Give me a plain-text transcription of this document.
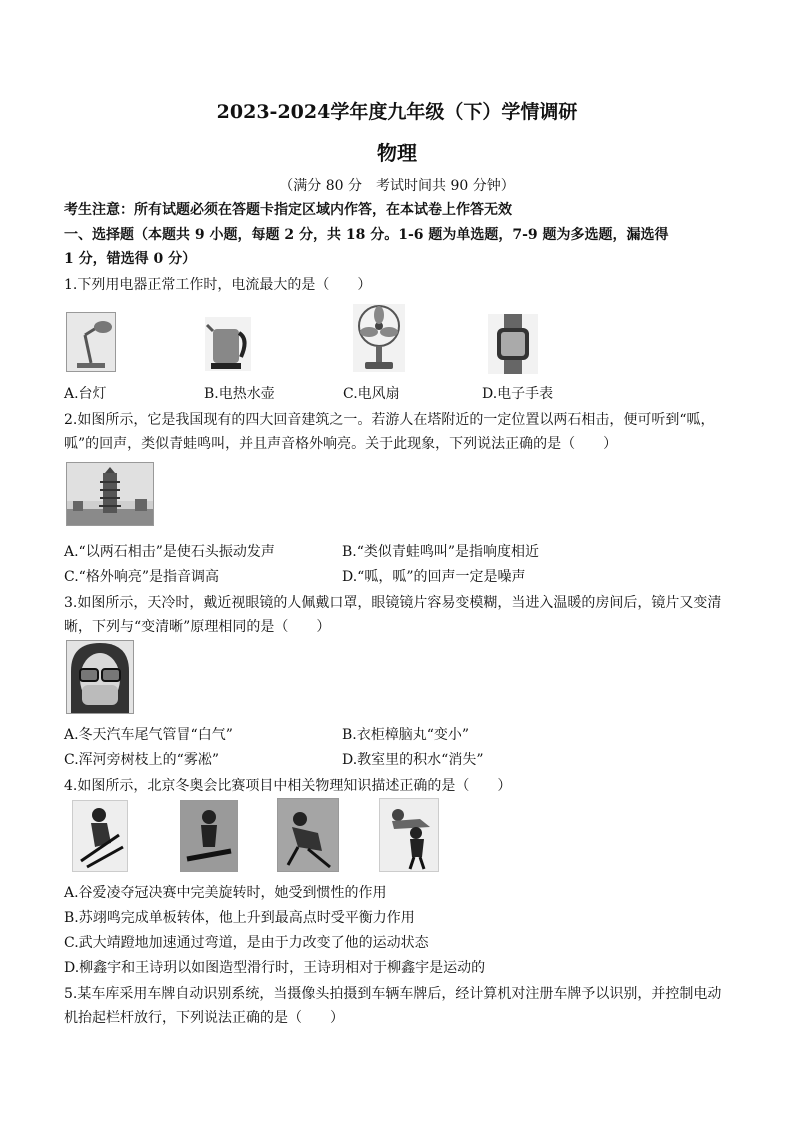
2023-2024学年度九年级（下）学情调研
物理
（满分 80 分　考试时间共 90 分钟）
考生注意：所有试题必须在答题卡指定区域内作答，在本试卷上作答无效
一、选择题（本题共 9 小题，每题 2 分，共 18 分。1-6 题为单选题，7-9 题为多选题，漏选得
1 分，错选得 0 分）
1.下列用电器正常工作时，电流最大的是（　　）
A.台灯	B.电热水壶	C.电风扇	D.电子手表
2.如图所示，它是我国现有的四大回音建筑之一。若游人在塔附近的一定位置以两石相击，便可听到“呱，
呱”的回声，类似青蛙鸣叫，并且声音格外响亮。关于此现象，下列说法正确的是（　　）
A.“以两石相击”是使石头振动发声	B.“类似青蛙鸣叫”是指响度相近
C.“格外响亮”是指音调高	D.“呱，呱”的回声一定是噪声
3.如图所示，天冷时，戴近视眼镜的人佩戴口罩，眼镜镜片容易变模糊，当进入温暖的房间后，镜片又变清
晰，下列与“变清晰”原理相同的是（　　）
A.冬天汽车尾气管冒“白气”	B.衣柜樟脑丸“变小”
C.浑河旁树枝上的“雾凇”	D.教室里的积水“消失”
4.如图所示，北京冬奥会比赛项目中相关物理知识描述正确的是（　　）
A.谷爱凌夺冠决赛中完美旋转时，她受到惯性的作用
B.苏翊鸣完成单板转体，他上升到最高点时受平衡力作用
C.武大靖蹬地加速通过弯道，是由于力改变了他的运动状态
D.柳鑫宇和王诗玥以如图造型滑行时，王诗玥相对于柳鑫宇是运动的
5.某车库采用车牌自动识别系统，当摄像头拍摄到车辆车牌后，经计算机对注册车牌予以识别，并控制电动
机抬起栏杆放行，下列说法正确的是（　　）
